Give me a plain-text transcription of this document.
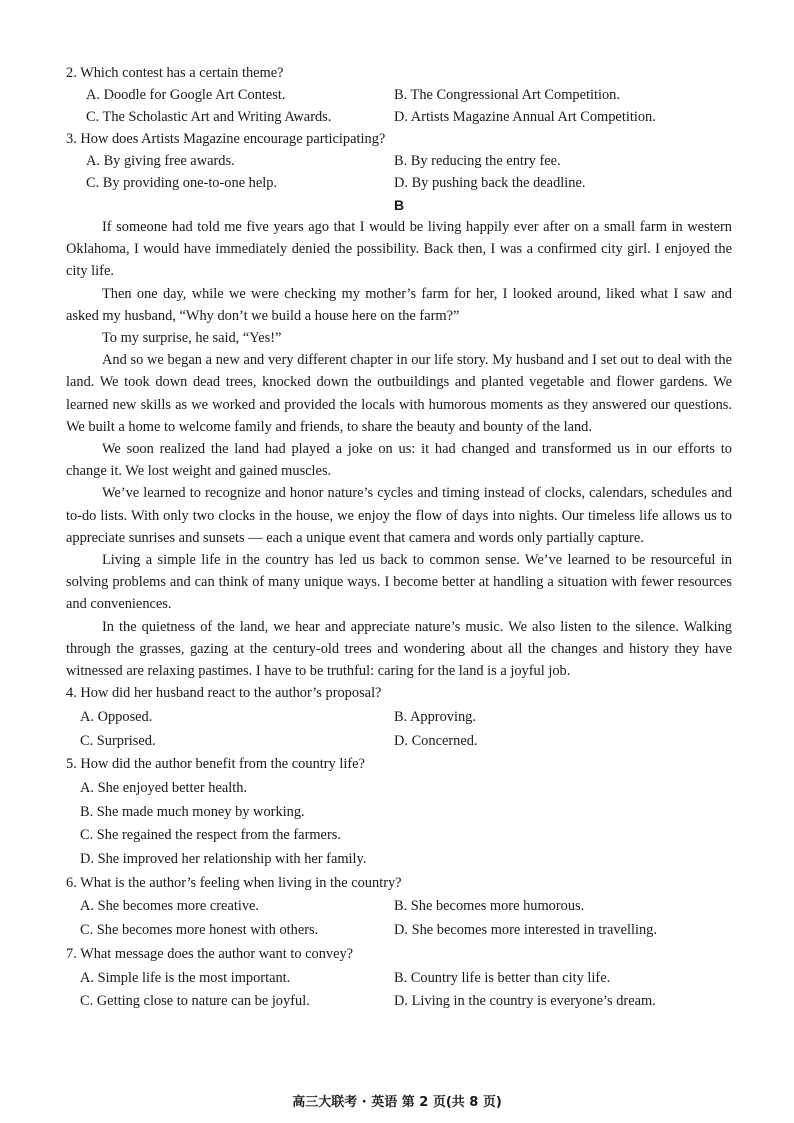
2. Which contest has a certain theme?
A. Doodle for Google Art Contest.	B. The Congressional Art Competition.
C. The Scholastic Art and Writing Awards.	D. Artists Magazine Annual Art Competition.
3. How does Artists Magazine encourage participating?
A. By giving free awards.	B. By reducing the entry fee.
C. By providing one-to-one help.	D. By pushing back the deadline.
B

If someone had told me five years ago that I would be living happily ever after on a small farm in western Oklahoma, I would have immediately denied the possibility. Back then, I was a confirmed city girl. I enjoyed the city life.

Then one day, while we were checking my mother’s farm for her, I looked around, liked what I saw and asked my husband, “Why don’t we build a house here on the farm?”

To my surprise, he said, “Yes!”

And so we began a new and very different chapter in our life story. My husband and I set out to deal with the land. We took down dead trees, knocked down the outbuildings and planted vegetable and flower gardens. We learned new skills as we worked and provided the locals with humorous moments as they answered our questions. We built a home to welcome family and friends, to share the beauty and bounty of the land.

We soon realized the land had played a joke on us: it had changed and transformed us in our efforts to change it. We lost weight and gained muscles.

We’ve learned to recognize and honor nature’s cycles and timing instead of clocks, calendars, schedules and to-do lists. With only two clocks in the house, we enjoy the flow of days into nights. Our timeless life allows us to appreciate sunrises and sunsets — each a unique event that camera and words only partially capture.

Living a simple life in the country has led us back to common sense. We’ve learned to be resourceful in solving problems and can think of many unique ways. I become better at handling a situation with fewer resources and conveniences.

In the quietness of the land, we hear and appreciate nature’s music. We also listen to the silence. Walking through the grasses, gazing at the century-old trees and wondering about all the changes and history they have witnessed are relaxing pastimes. I have to be truthful: caring for the land is a joyful job.

4. How did her husband react to the author’s proposal?
A. Opposed.	B. Approving.
C. Surprised.	D. Concerned.
5. How did the author benefit from the country life?
A. She enjoyed better health.
B. She made much money by working.
C. She regained the respect from the farmers.
D. She improved her relationship with her family.
6. What is the author’s feeling when living in the country?
A. She becomes more creative.	B. She becomes more humorous.
C. She becomes more honest with others.	D. She becomes more interested in travelling.
7. What message does the author want to convey?
A. Simple life is the most important.	B. Country life is better than city life.
C. Getting close to nature can be joyful.	D. Living in the country is everyone’s dream.
高三大联考 · 英语 第 2 页(共 8 页)
